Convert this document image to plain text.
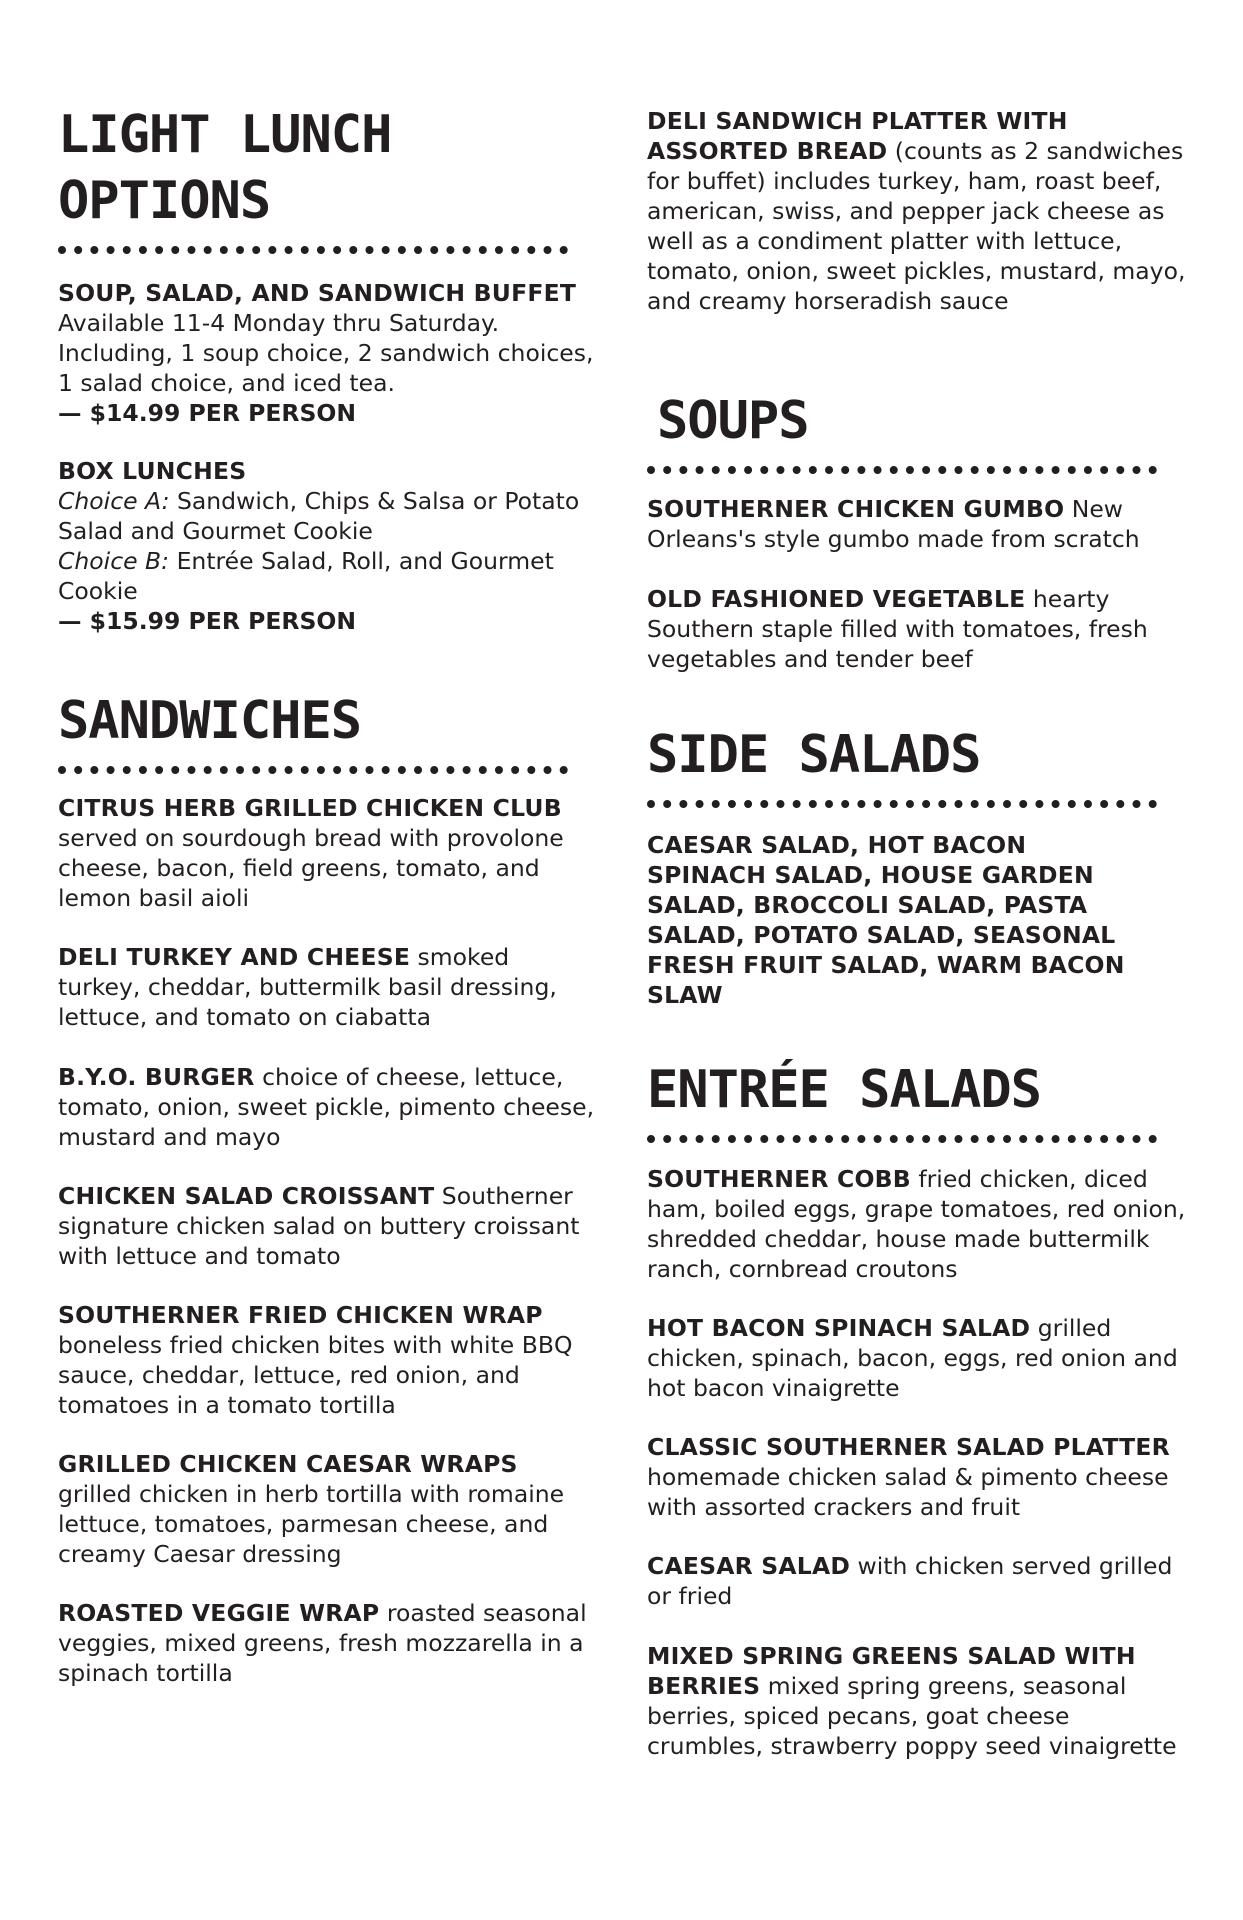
LIGHT LUNCH
OPTIONS

SOUP, SALAD, AND SANDWICH BUFFET
Available 11-4 Monday thru Saturday. Including, 1 soup choice, 2 sandwich choices, 1 salad choice, and iced tea.
— $14.99 PER PERSON

BOX LUNCHES
Choice A: Sandwich, Chips & Salsa or Potato Salad and Gourmet Cookie
Choice B: Entrée Salad, Roll, and Gourmet Cookie
— $15.99 PER PERSON

SANDWICHES

CITRUS HERB GRILLED CHICKEN CLUB
served on sourdough bread with provolone cheese, bacon, field greens, tomato, and lemon basil aioli

DELI TURKEY AND CHEESE smoked turkey, cheddar, buttermilk basil dressing, lettuce, and tomato on ciabatta

B.Y.O. BURGER choice of cheese, lettuce, tomato, onion, sweet pickle, pimento cheese, mustard and mayo

CHICKEN SALAD CROISSANT Southerner signature chicken salad on buttery croissant with lettuce and tomato

SOUTHERNER FRIED CHICKEN WRAP
boneless fried chicken bites with white BBQ sauce, cheddar, lettuce, red onion, and tomatoes in a tomato tortilla

GRILLED CHICKEN CAESAR WRAPS
grilled chicken in herb tortilla with romaine lettuce, tomatoes, parmesan cheese, and creamy Caesar dressing

ROASTED VEGGIE WRAP roasted seasonal veggies, mixed greens, fresh mozzarella in a spinach tortilla

DELI SANDWICH PLATTER WITH ASSORTED BREAD (counts as 2 sandwiches for buffet) includes turkey, ham, roast beef, american, swiss, and pepper jack cheese as well as a condiment platter with lettuce, tomato, onion, sweet pickles, mustard, mayo, and creamy horseradish sauce

SOUPS

SOUTHERNER CHICKEN GUMBO New Orleans's style gumbo made from scratch

OLD FASHIONED VEGETABLE hearty Southern staple filled with tomatoes, fresh vegetables and tender beef

SIDE SALADS

CAESAR SALAD, HOT BACON SPINACH SALAD, HOUSE GARDEN SALAD, BROCCOLI SALAD, PASTA SALAD, POTATO SALAD, SEASONAL FRESH FRUIT SALAD, WARM BACON SLAW

ENTRÉE SALADS

SOUTHERNER COBB fried chicken, diced ham, boiled eggs, grape tomatoes, red onion, shredded cheddar, house made buttermilk ranch, cornbread croutons

HOT BACON SPINACH SALAD grilled chicken, spinach, bacon, eggs, red onion and hot bacon vinaigrette

CLASSIC SOUTHERNER SALAD PLATTER
homemade chicken salad & pimento cheese with assorted crackers and fruit

CAESAR SALAD with chicken served grilled or fried

MIXED SPRING GREENS SALAD WITH BERRIES mixed spring greens, seasonal berries, spiced pecans, goat cheese crumbles, strawberry poppy seed vinaigrette
